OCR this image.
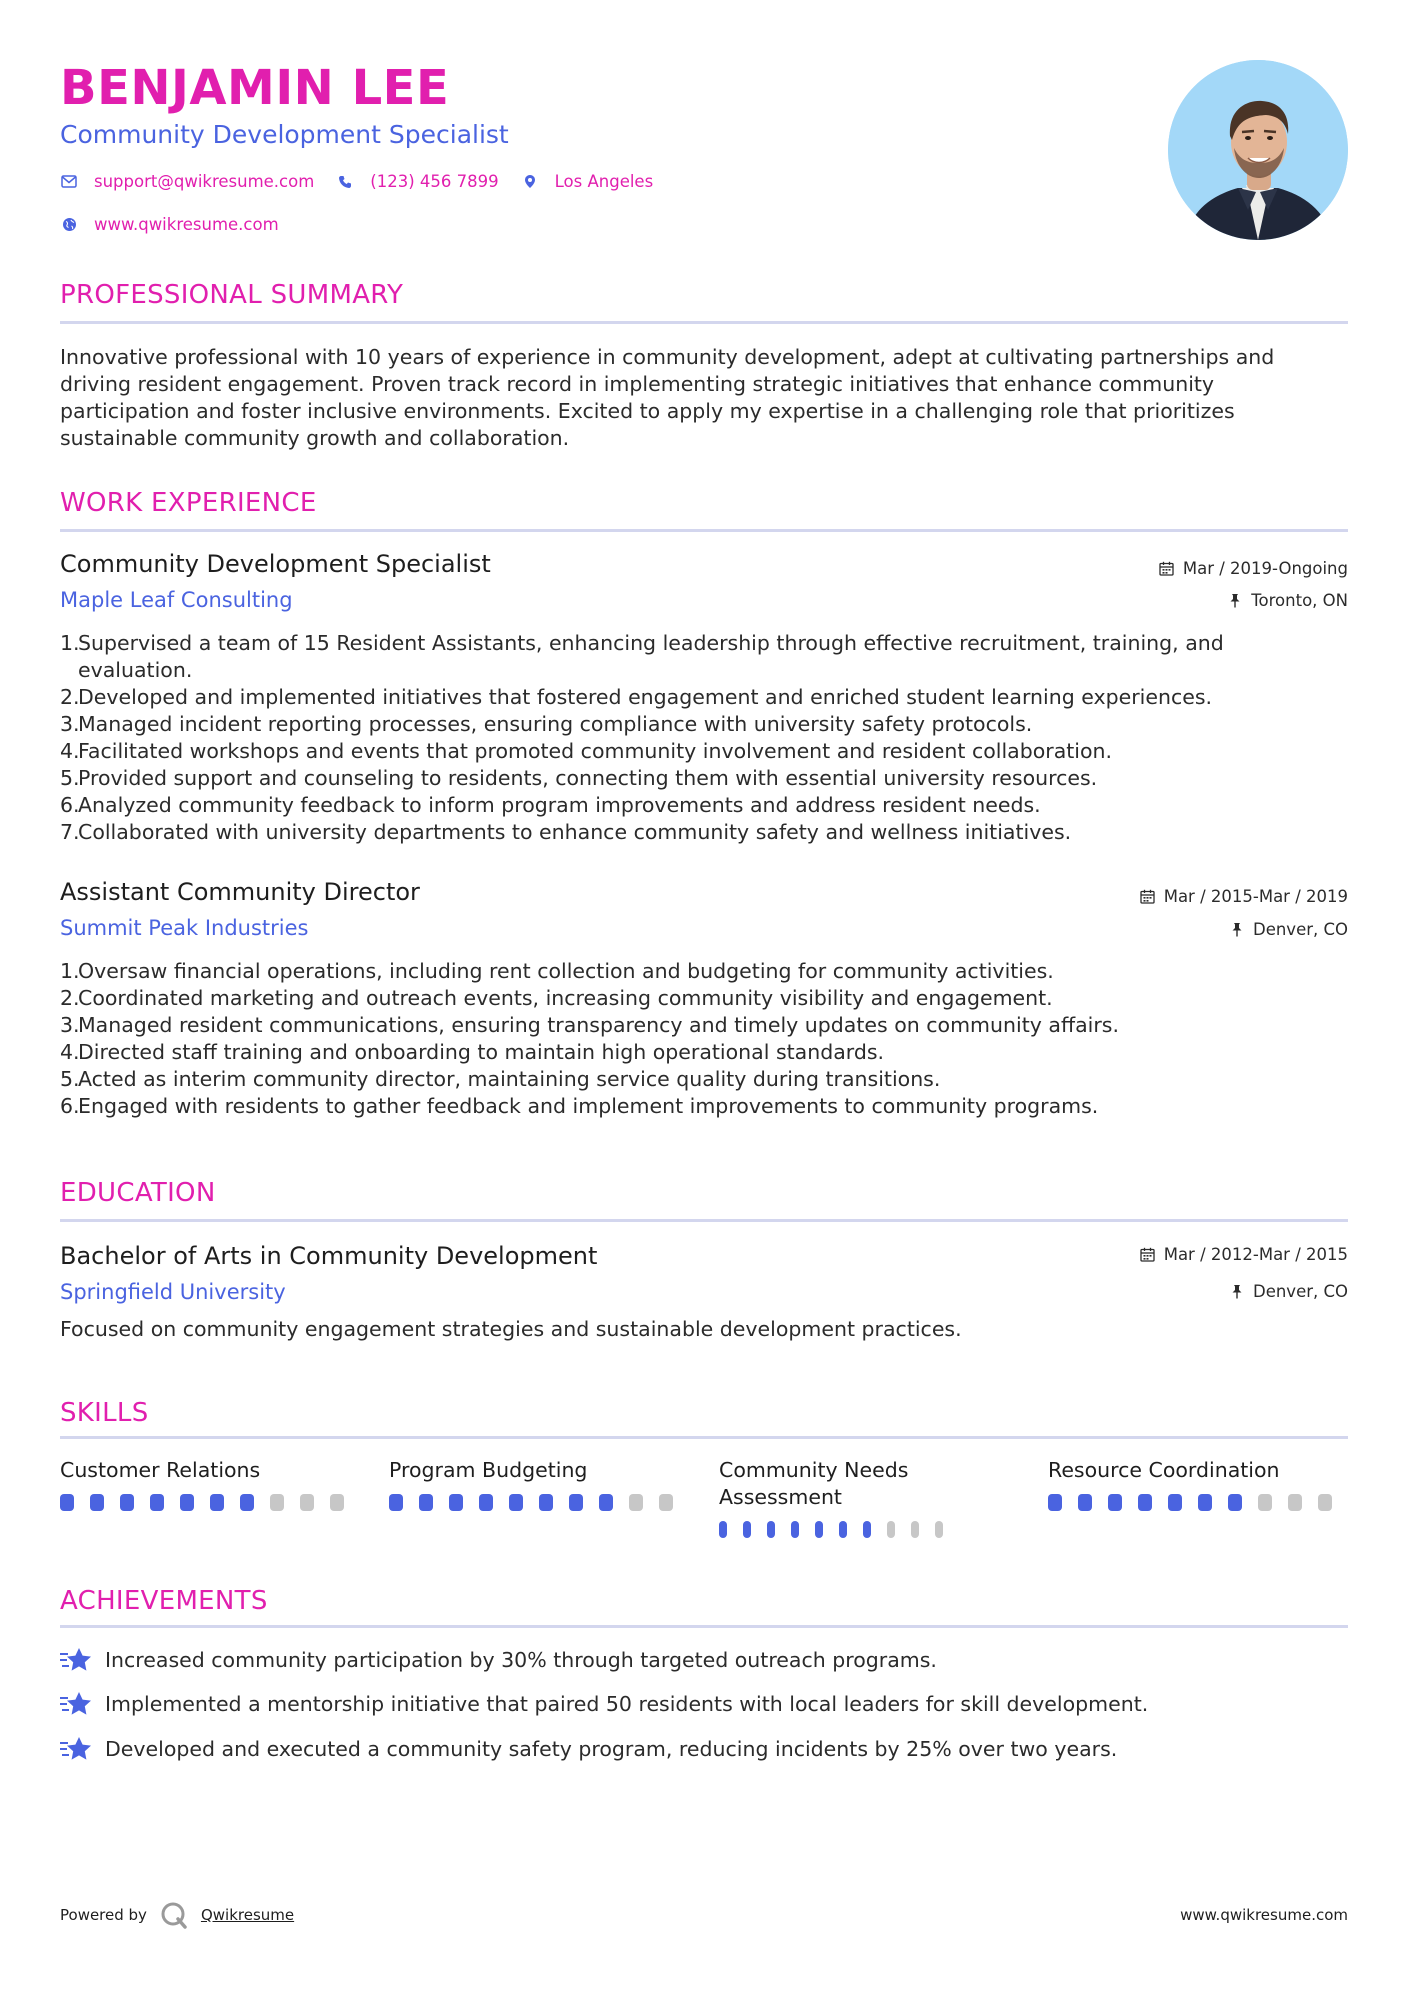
BENJAMIN LEE
Community Development Specialist
support@qwikresume.com	(123) 456 7899	Los Angeles
www.qwikresume.com
PROFESSIONAL SUMMARY
Innovative professional with 10 years of experience in community development, adept at cultivating partnerships and driving resident engagement. Proven track record in implementing strategic initiatives that enhance community participation and foster inclusive environments. Excited to apply my expertise in a challenging role that prioritizes sustainable community growth and collaboration.
WORK EXPERIENCE
Community Development Specialist
Maple Leaf Consulting
Mar / 2019-Ongoing
Toronto, ON
1.
Supervised a team of 15 Resident Assistants, enhancing leadership through effective recruitment, training, and evaluation.
2.
Developed and implemented initiatives that fostered engagement and enriched student learning experiences.
3.
Managed incident reporting processes, ensuring compliance with university safety protocols.
4.
Facilitated workshops and events that promoted community involvement and resident collaboration.
5.
Provided support and counseling to residents, connecting them with essential university resources.
6.
Analyzed community feedback to inform program improvements and address resident needs.
7.
Collaborated with university departments to enhance community safety and wellness initiatives.
Assistant Community Director
Summit Peak Industries
Mar / 2015-Mar / 2019
Denver, CO
1.
Oversaw financial operations, including rent collection and budgeting for community activities.
2.
Coordinated marketing and outreach events, increasing community visibility and engagement.
3.
Managed resident communications, ensuring transparency and timely updates on community affairs.
4.
Directed staff training and onboarding to maintain high operational standards.
5.
Acted as interim community director, maintaining service quality during transitions.
6.
Engaged with residents to gather feedback and implement improvements to community programs.
EDUCATION
Bachelor of Arts in Community Development
Springfield University
Mar / 2012-Mar / 2015
Denver, CO
Focused on community engagement strategies and sustainable development practices.
SKILLS
Customer Relations	Program Budgeting	Community Needs Assessment
Resource Coordination
ACHIEVEMENTS
Increased community participation by 30% through targeted outreach programs.
Implemented a mentorship initiative that paired 50 residents with local leaders for skill development.
Developed and executed a community safety program, reducing incidents by 25% over two years.
Powered by	Qwikresume	www.qwikresume.com
